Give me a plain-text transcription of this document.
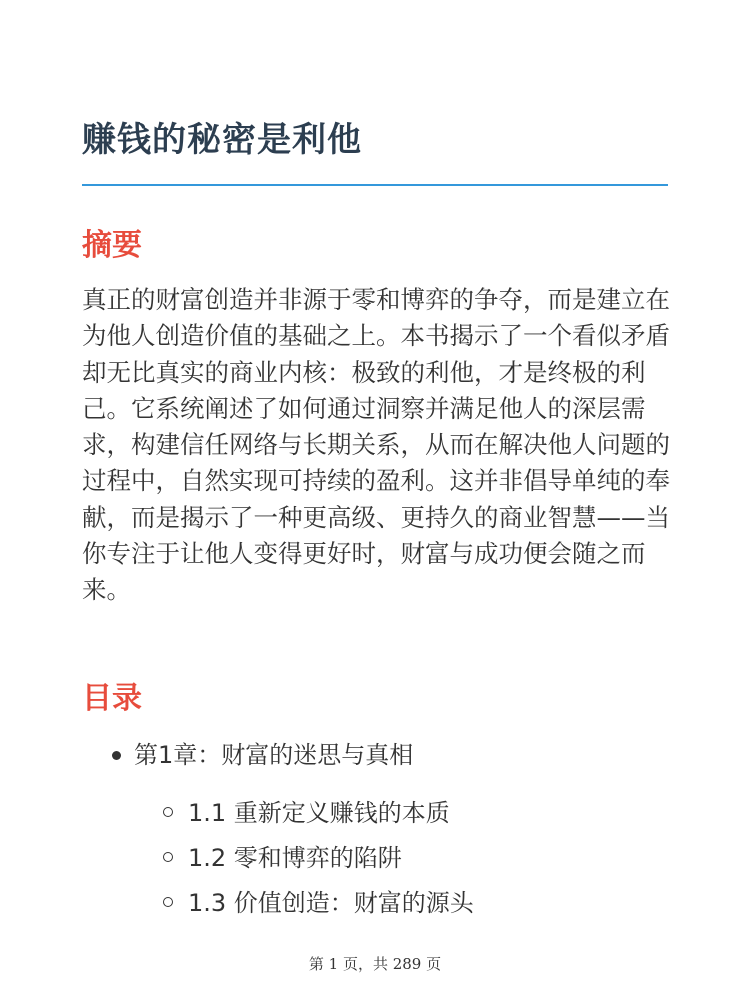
赚钱的秘密是利他
摘要

真正的财富创造并非源于零和博弈的争夺，而是建立在为他人创造价值的基础之上。本书揭示了一个看似矛盾却无比真实的商业内核：极致的利他，才是终极的利己。它系统阐述了如何通过洞察并满足他人的深层需求，构建信任网络与长期关系，从而在解决他人问题的过程中，自然实现可持续的盈利。这并非倡导单纯的奉献，而是揭示了一种更高级、更持久的商业智慧——当你专注于让他人变得更好时，财富与成功便会随之而来。

目录
第1章：财富的迷思与真相
1.1 重新定义赚钱的本质
1.2 零和博弈的陷阱
1.3 价值创造：财富的源头
第 1 页，共 289 页
